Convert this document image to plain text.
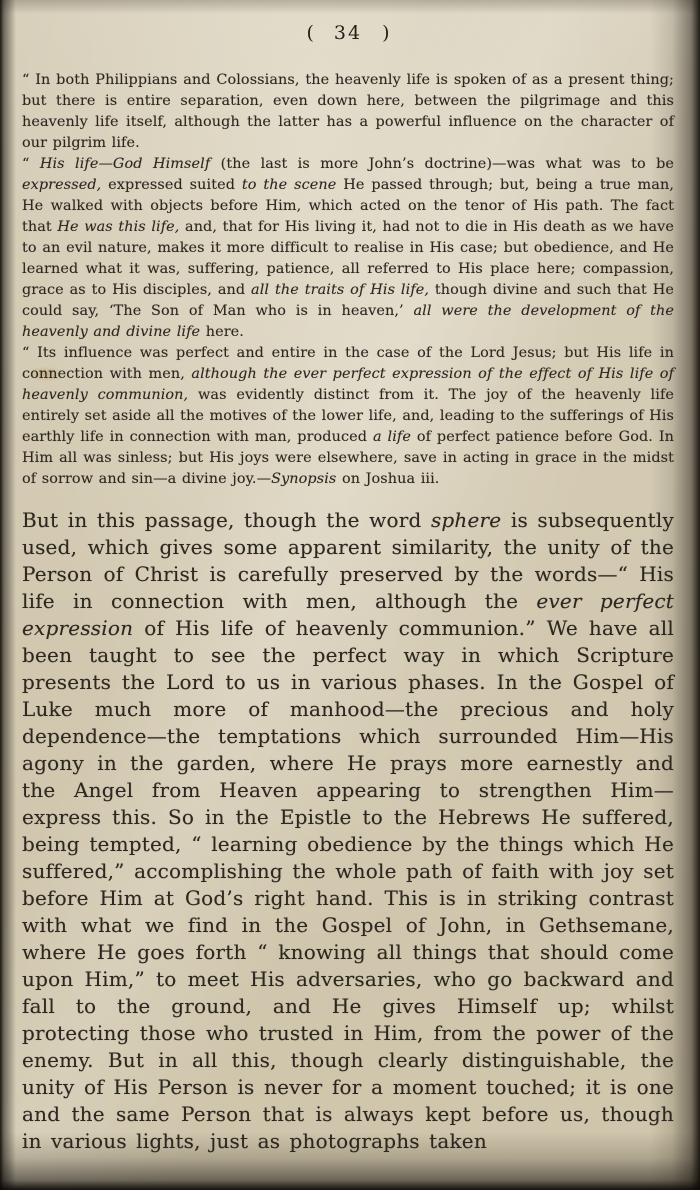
( 34 )

“ In both Philippians and Colossians, the heavenly life is spoken of as a present thing; but there is entire separation, even down here, between the pilgrimage and this heavenly life itself, although the latter has a powerful influence on the character of our pilgrim life.

“ His life—God Himself (the last is more John’s doctrine)—was what was to be expressed, expressed suited to the scene He passed through; but, being a true man, He walked with objects before Him, which acted on the tenor of His path. The fact that He was this life, and, that for His living it, had not to die in His death as we have to an evil nature, makes it more difficult to realise in His case; but obedience, and He learned what it was, suffering, patience, all referred to His place here; compassion, grace as to His disciples, and all the traits of His life, though divine and such that He could say, ‘The Son of Man who is in heaven,’ all were the development of the heavenly and divine life here.

“ Its influence was perfect and entire in the case of the Lord Jesus; but His life in connection with men, although the ever perfect expression of the effect of His life of heavenly communion, was evidently distinct from it. The joy of the heavenly life entirely set aside all the motives of the lower life, and, leading to the sufferings of His earthly life in connection with man, produced a life of perfect patience before God. In Him all was sinless; but His joys were elsewhere, save in acting in grace in the midst of sorrow and sin—a divine joy.—Synopsis on Joshua iii.

But in this passage, though the word sphere is subsequently used, which gives some apparent similarity, the unity of the Person of Christ is carefully preserved by the words—“ His life in connection with men, although the ever perfect expression of His life of heavenly communion.” We have all been taught to see the perfect way in which Scripture presents the Lord to us in various phases. In the Gospel of Luke much more of manhood—the precious and holy dependence—the temptations which surrounded Him—His agony in the garden, where He prays more earnestly and the Angel from Heaven appearing to strengthen Him—express this. So in the Epistle to the Hebrews He suffered, being tempted, “ learning obedience by the things which He suffered,” accomplishing the whole path of faith with joy set before Him at God’s right hand. This is in striking contrast with what we find in the Gospel of John, in Gethsemane, where He goes forth “ knowing all things that should come upon Him,” to meet His adversaries, who go backward and fall to the ground, and He gives Himself up; whilst protecting those who trusted in Him, from the power of the enemy. But in all this, though clearly distinguishable, the unity of His Person is never for a moment touched; it is one and the same Person that is always kept before us, though in various lights, just as photographs taken
